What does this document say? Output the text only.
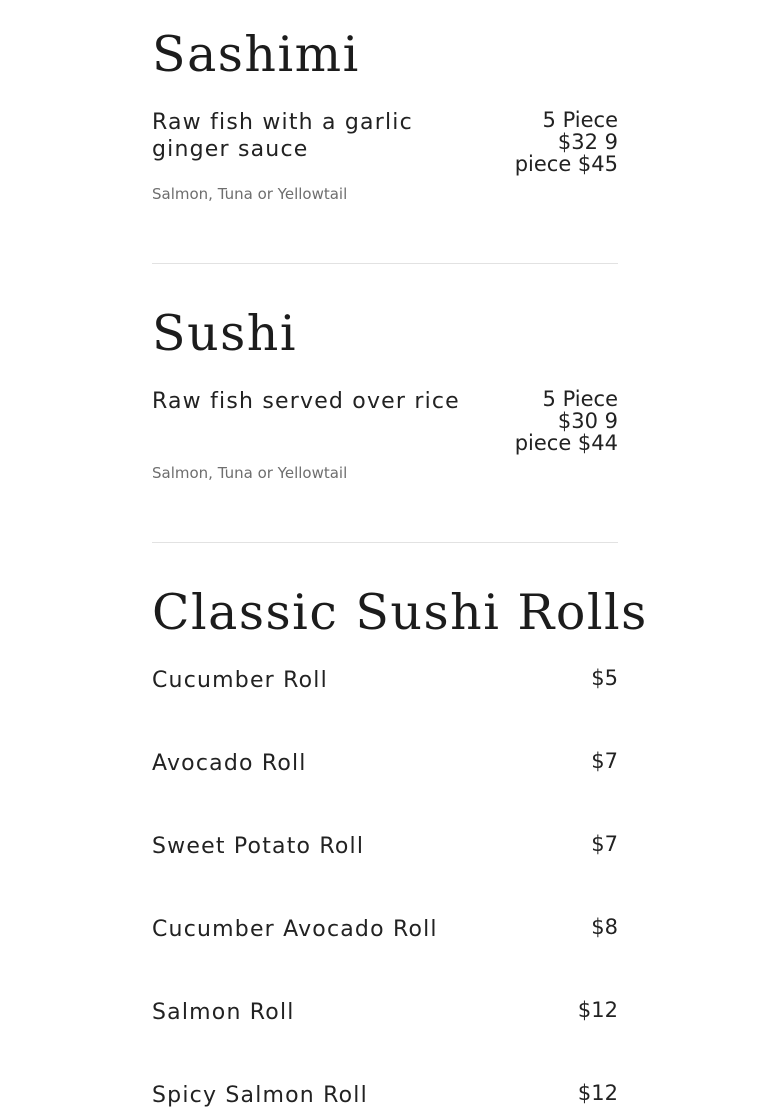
Sashimi
Raw fish with a garlic
ginger sauce
5 Piece
$32 9
piece $45
Salmon, Tuna or Yellowtail
Sushi
Raw fish served over rice	5 Piece
$30 9
piece $44
Salmon, Tuna or Yellowtail
Classic Sushi Rolls
Cucumber Roll	$5
Avocado Roll	$7
Sweet Potato Roll	$7
Cucumber Avocado Roll	$8
Salmon Roll	$12
Spicy Salmon Roll	$12
